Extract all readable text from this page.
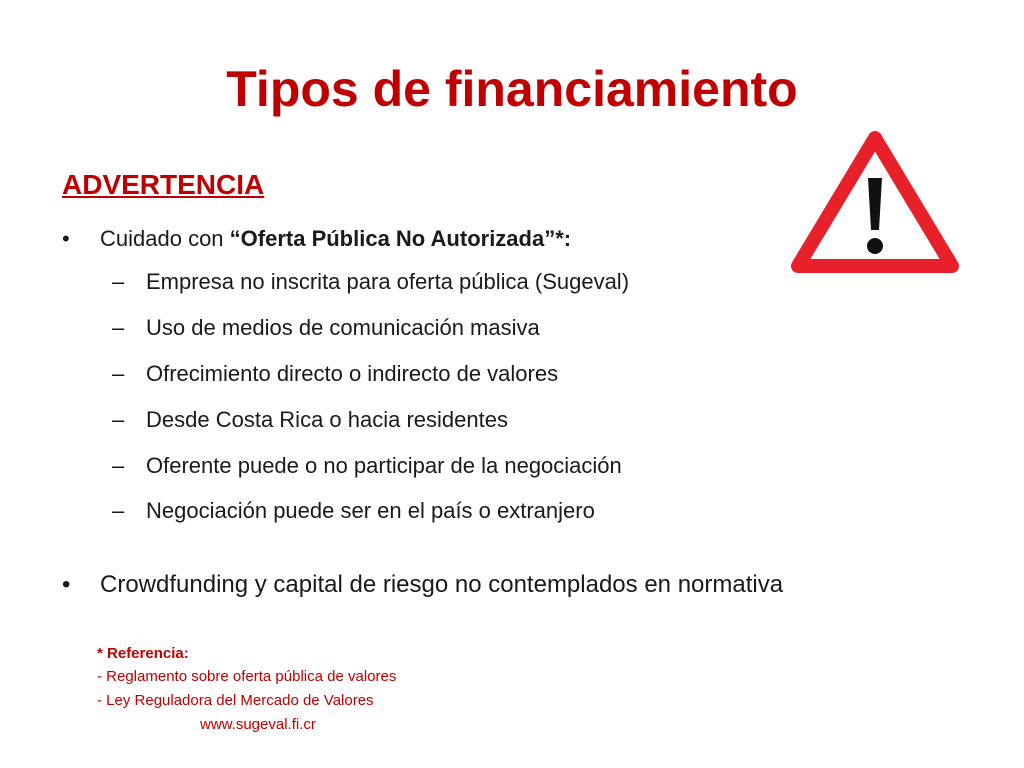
Tipos de financiamiento
ADVERTENCIA
• Cuidado con “Oferta Pública No Autorizada”*:
– Empresa no inscrita para oferta pública (Sugeval)
– Uso de medios de comunicación masiva
– Ofrecimiento directo o indirecto de valores
– Desde Costa Rica o hacia residentes
– Oferente puede o no participar de la negociación
– Negociación puede ser en el país o extranjero
• Crowdfunding y capital de riesgo no contemplados en normativa
* Referencia:
- Reglamento sobre oferta pública de valores
- Ley Reguladora del Mercado de Valores
www.sugeval.fi.cr
